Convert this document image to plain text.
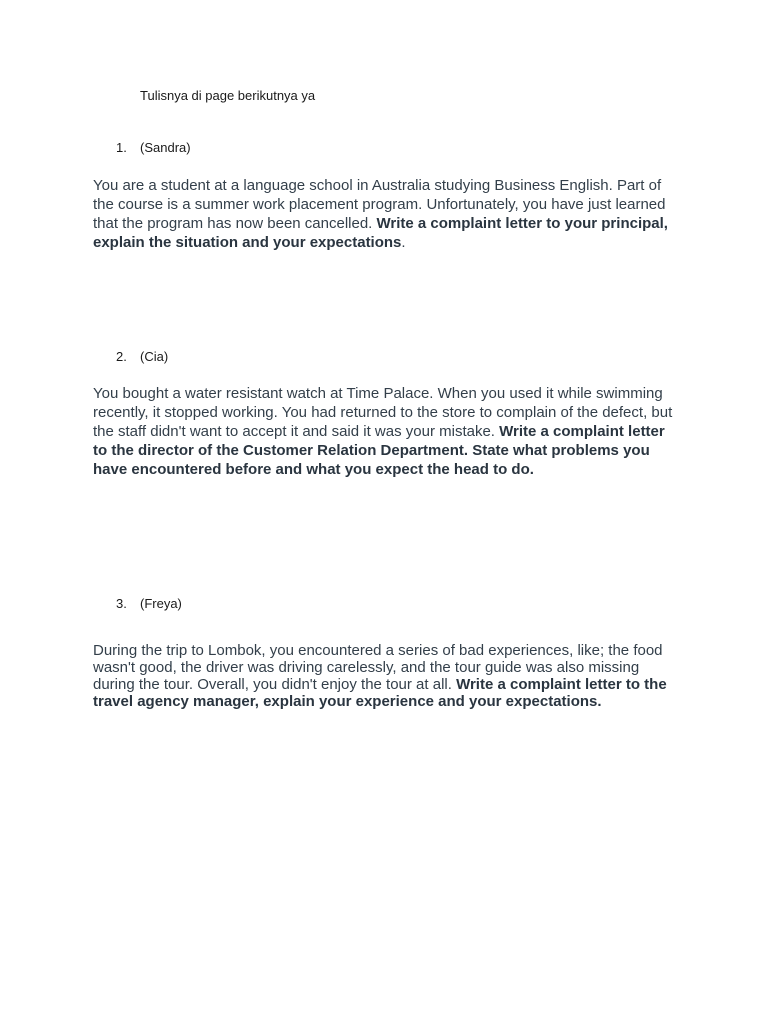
Tulisnya di page berikutnya ya
1. (Sandra)
You are a student at a language school in Australia studying Business English. Part of the course is a summer work placement program. Unfortunately, you have just learned that the program has now been cancelled. Write a complaint letter to your principal, explain the situation and your expectations.
2. (Cia)
You bought a water resistant watch at Time Palace. When you used it while swimming recently, it stopped working. You had returned to the store to complain of the defect, but the staff didn't want to accept it and said it was your mistake. Write a complaint letter to the director of the Customer Relation Department. State what problems you have encountered before and what you expect the head to do.
3. (Freya)
During the trip to Lombok, you encountered a series of bad experiences, like; the food wasn't good, the driver was driving carelessly, and the tour guide was also missing during the tour. Overall, you didn't enjoy the tour at all. Write a complaint letter to the travel agency manager, explain your experience and your expectations.
